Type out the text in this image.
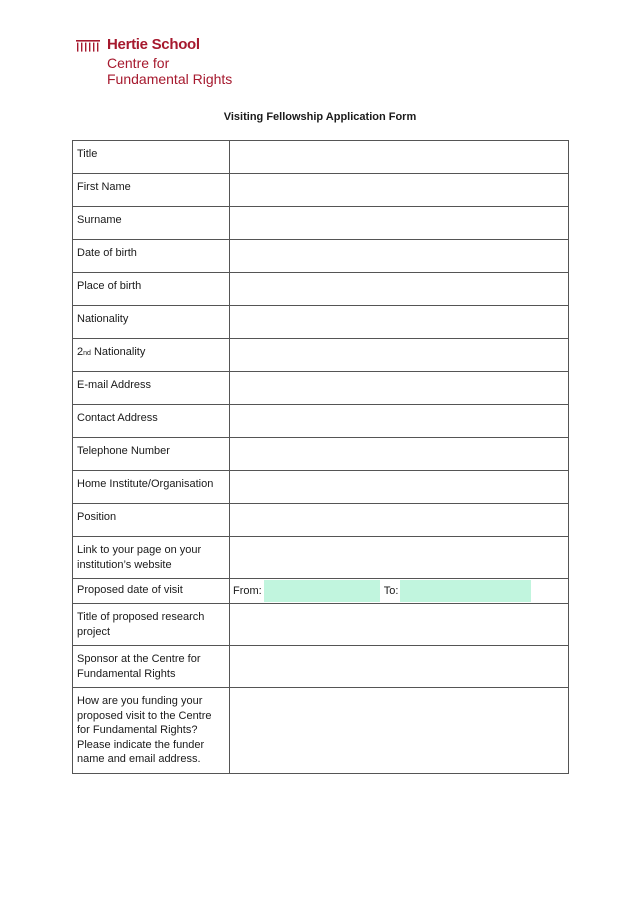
Hertie School
Centre for
Fundamental Rights
Visiting Fellowship Application Form
Title	

First Name	

Surname	

Date of birth	

Place of birth	

Nationality	

2nd Nationality	

E-mail Address	

Contact Address	

Telephone Number	

Home Institute/Organisation	

Position	

Link to your page on your institution’s website	

Proposed date of visit	From: To:

Title of proposed research project	

Sponsor at the Centre for Fundamental Rights	

How are you funding your proposed visit to the Centre for Fundamental Rights? Please indicate the funder name and email address.	
